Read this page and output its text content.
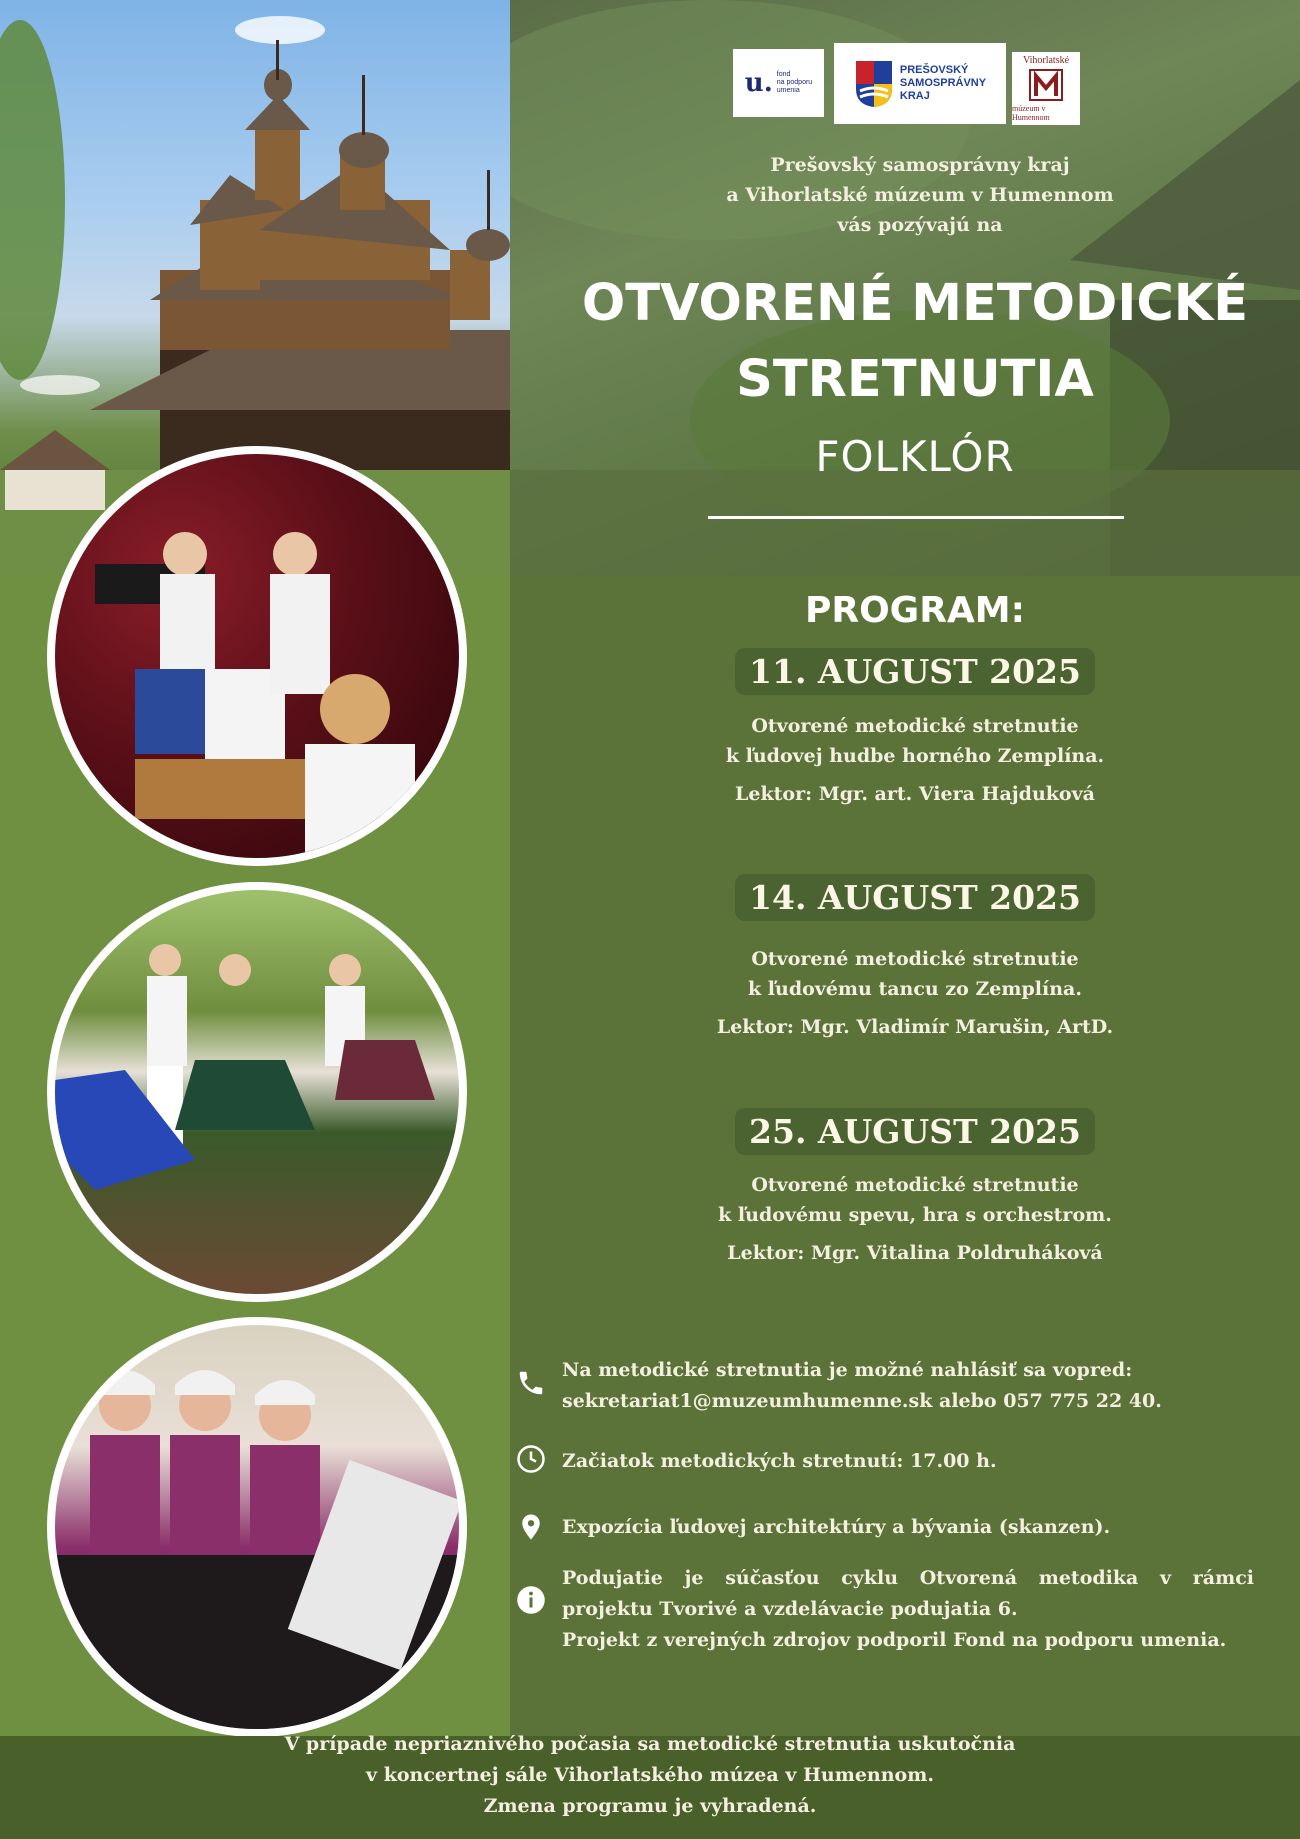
u. fond
na podporu
umenia
PREŠOVSKÝ
SAMOSPRÁVNY
KRAJ
Vihorlatské
múzeum v Humennom
Prešovský samosprávny kraj
a Vihorlatské múzeum v Humennom
vás pozývajú na
OTVORENÉ METODICKÉ
STRETNUTIA
FOLKLÓR
PROGRAM:
11. AUGUST 2025
Otvorené metodické stretnutie
k ľudovej hudbe horného Zemplína.
Lektor: Mgr. art. Viera Hajduková
14. AUGUST 2025
Otvorené metodické stretnutie
k ľudovému tancu zo Zemplína.
Lektor: Mgr. Vladimír Marušin, ArtD.
25. AUGUST 2025
Otvorené metodické stretnutie
k ľudovému spevu, hra s orchestrom.
Lektor: Mgr. Vitalina Poldruháková
Na metodické stretnutia je možné nahlásiť sa vopred:
sekretariat1@muzeumhumenne.sk alebo 057 775 22 40.
Začiatok metodických stretnutí: 17.00 h.
Expozícia ľudovej architektúry a bývania (skanzen).
Podujatie je súčasťou cyklu Otvorená metodika v rámci
projektu Tvorivé a vzdelávacie podujatia 6.
Projekt z verejných zdrojov podporil Fond na podporu umenia.
V prípade nepriaznivého počasia sa metodické stretnutia uskutočnia
v koncertnej sále Vihorlatského múzea v Humennom.
Zmena programu je vyhradená.
